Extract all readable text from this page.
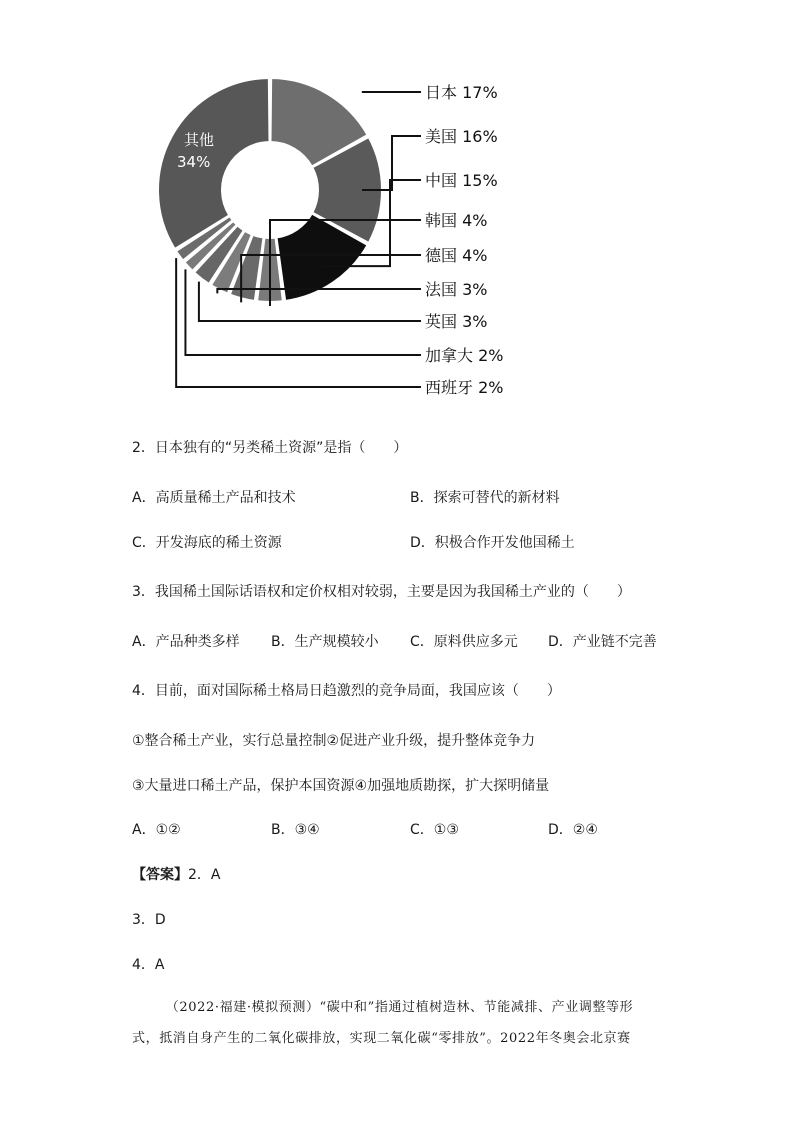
日本 17%
美国 16%
中国 15%
韩国 4%
德国 4%
法国 3%
英国 3%
加拿大 2%
西班牙 2%
其他
34%
2．日本独有的“另类稀土资源”是指（　　）
A．高质量稀土产品和技术	B．探索可替代的新材料
C．开发海底的稀土资源	D．积极合作开发他国稀土
3．我国稀土国际话语权和定价权相对较弱，主要是因为我国稀土产业的（　　）
A．产品种类多样 B．生产规模较小 C．原料供应多元 D．产业链不完善
4．目前，面对国际稀土格局日趋激烈的竞争局面，我国应该（　　）
①整合稀土产业，实行总量控制②促进产业升级，提升整体竞争力
③大量进口稀土产品，保护本国资源④加强地质勘探，扩大探明储量
A．①②	B．③④	C．①③	D．②④
【答案】2．A
3．D
4．A
（2022·福建·模拟预测）“碳中和”指通过植树造林、节能减排、产业调整等形
式，抵消自身产生的二氧化碳排放，实现二氧化碳“零排放”。2022年冬奥会北京赛
